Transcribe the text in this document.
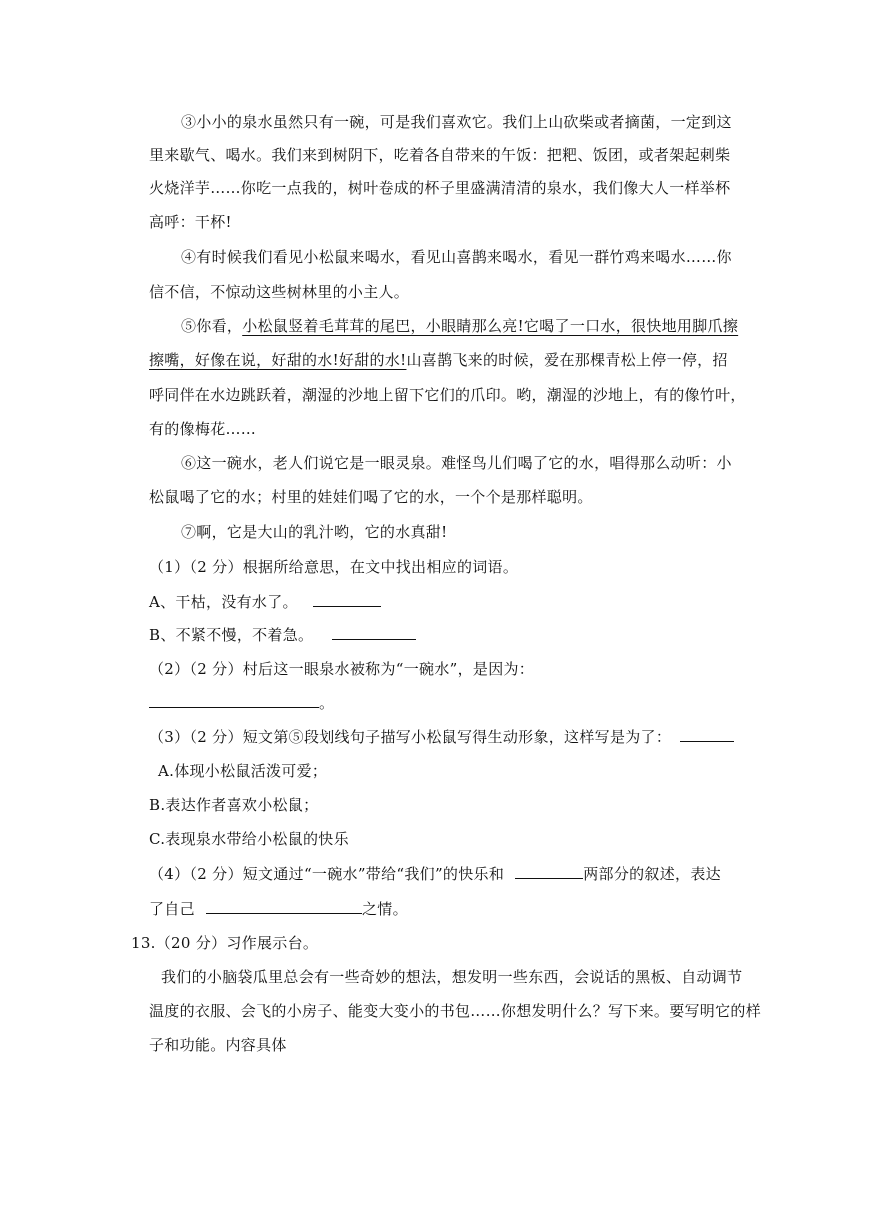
③小小的泉水虽然只有一碗，可是我们喜欢它。我们上山砍柴或者摘菌，一定到这
里来歇气、喝水。我们来到树阴下，吃着各自带来的午饭：把粑、饭团，或者架起刺柴
火烧洋芋……你吃一点我的，树叶卷成的杯子里盛满清清的泉水，我们像大人一样举杯
高呼：干杯!
④有时候我们看见小松鼠来喝水，看见山喜鹊来喝水，看见一群竹鸡来喝水……你
信不信，不惊动这些树林里的小主人。
⑤你看，小松鼠竖着毛茸茸的尾巴，小眼睛那么亮!它喝了一口水，很快地用脚爪擦
擦嘴，好像在说，好甜的水!好甜的水!山喜鹊飞来的时候，爱在那棵青松上停一停，招
呼同伴在水边跳跃着，潮湿的沙地上留下它们的爪印。哟，潮湿的沙地上，有的像竹叶，
有的像梅花……
⑥这一碗水，老人们说它是一眼灵泉。难怪鸟儿们喝了它的水，唱得那么动听：小
松鼠喝了它的水；村里的娃娃们喝了它的水，一个个是那样聪明。
⑦啊，它是大山的乳汁哟，它的水真甜!
（1）（2 分）根据所给意思，在文中找出相应的词语。
A、干枯，没有水了。
B、不紧不慢，不着急。
（2）（2 分）村后这一眼泉水被称为“一碗水”，是因为：
。
（3）（2 分）短文第⑤段划线句子描写小松鼠写得生动形象，这样写是为了：
A.体现小松鼠活泼可爱；
B.表达作者喜欢小松鼠；
C.表现泉水带给小松鼠的快乐
（4）（2 分）短文通过“一碗水”带给“我们”的快乐和	两部分的叙述，表达
了自己	之情。
13.（20 分）习作展示台。
我们的小脑袋瓜里总会有一些奇妙的想法，想发明一些东西，会说话的黑板、自动调节
温度的衣服、会飞的小房子、能变大变小的书包……你想发明什么？写下来。要写明它的样
子和功能。内容具体
